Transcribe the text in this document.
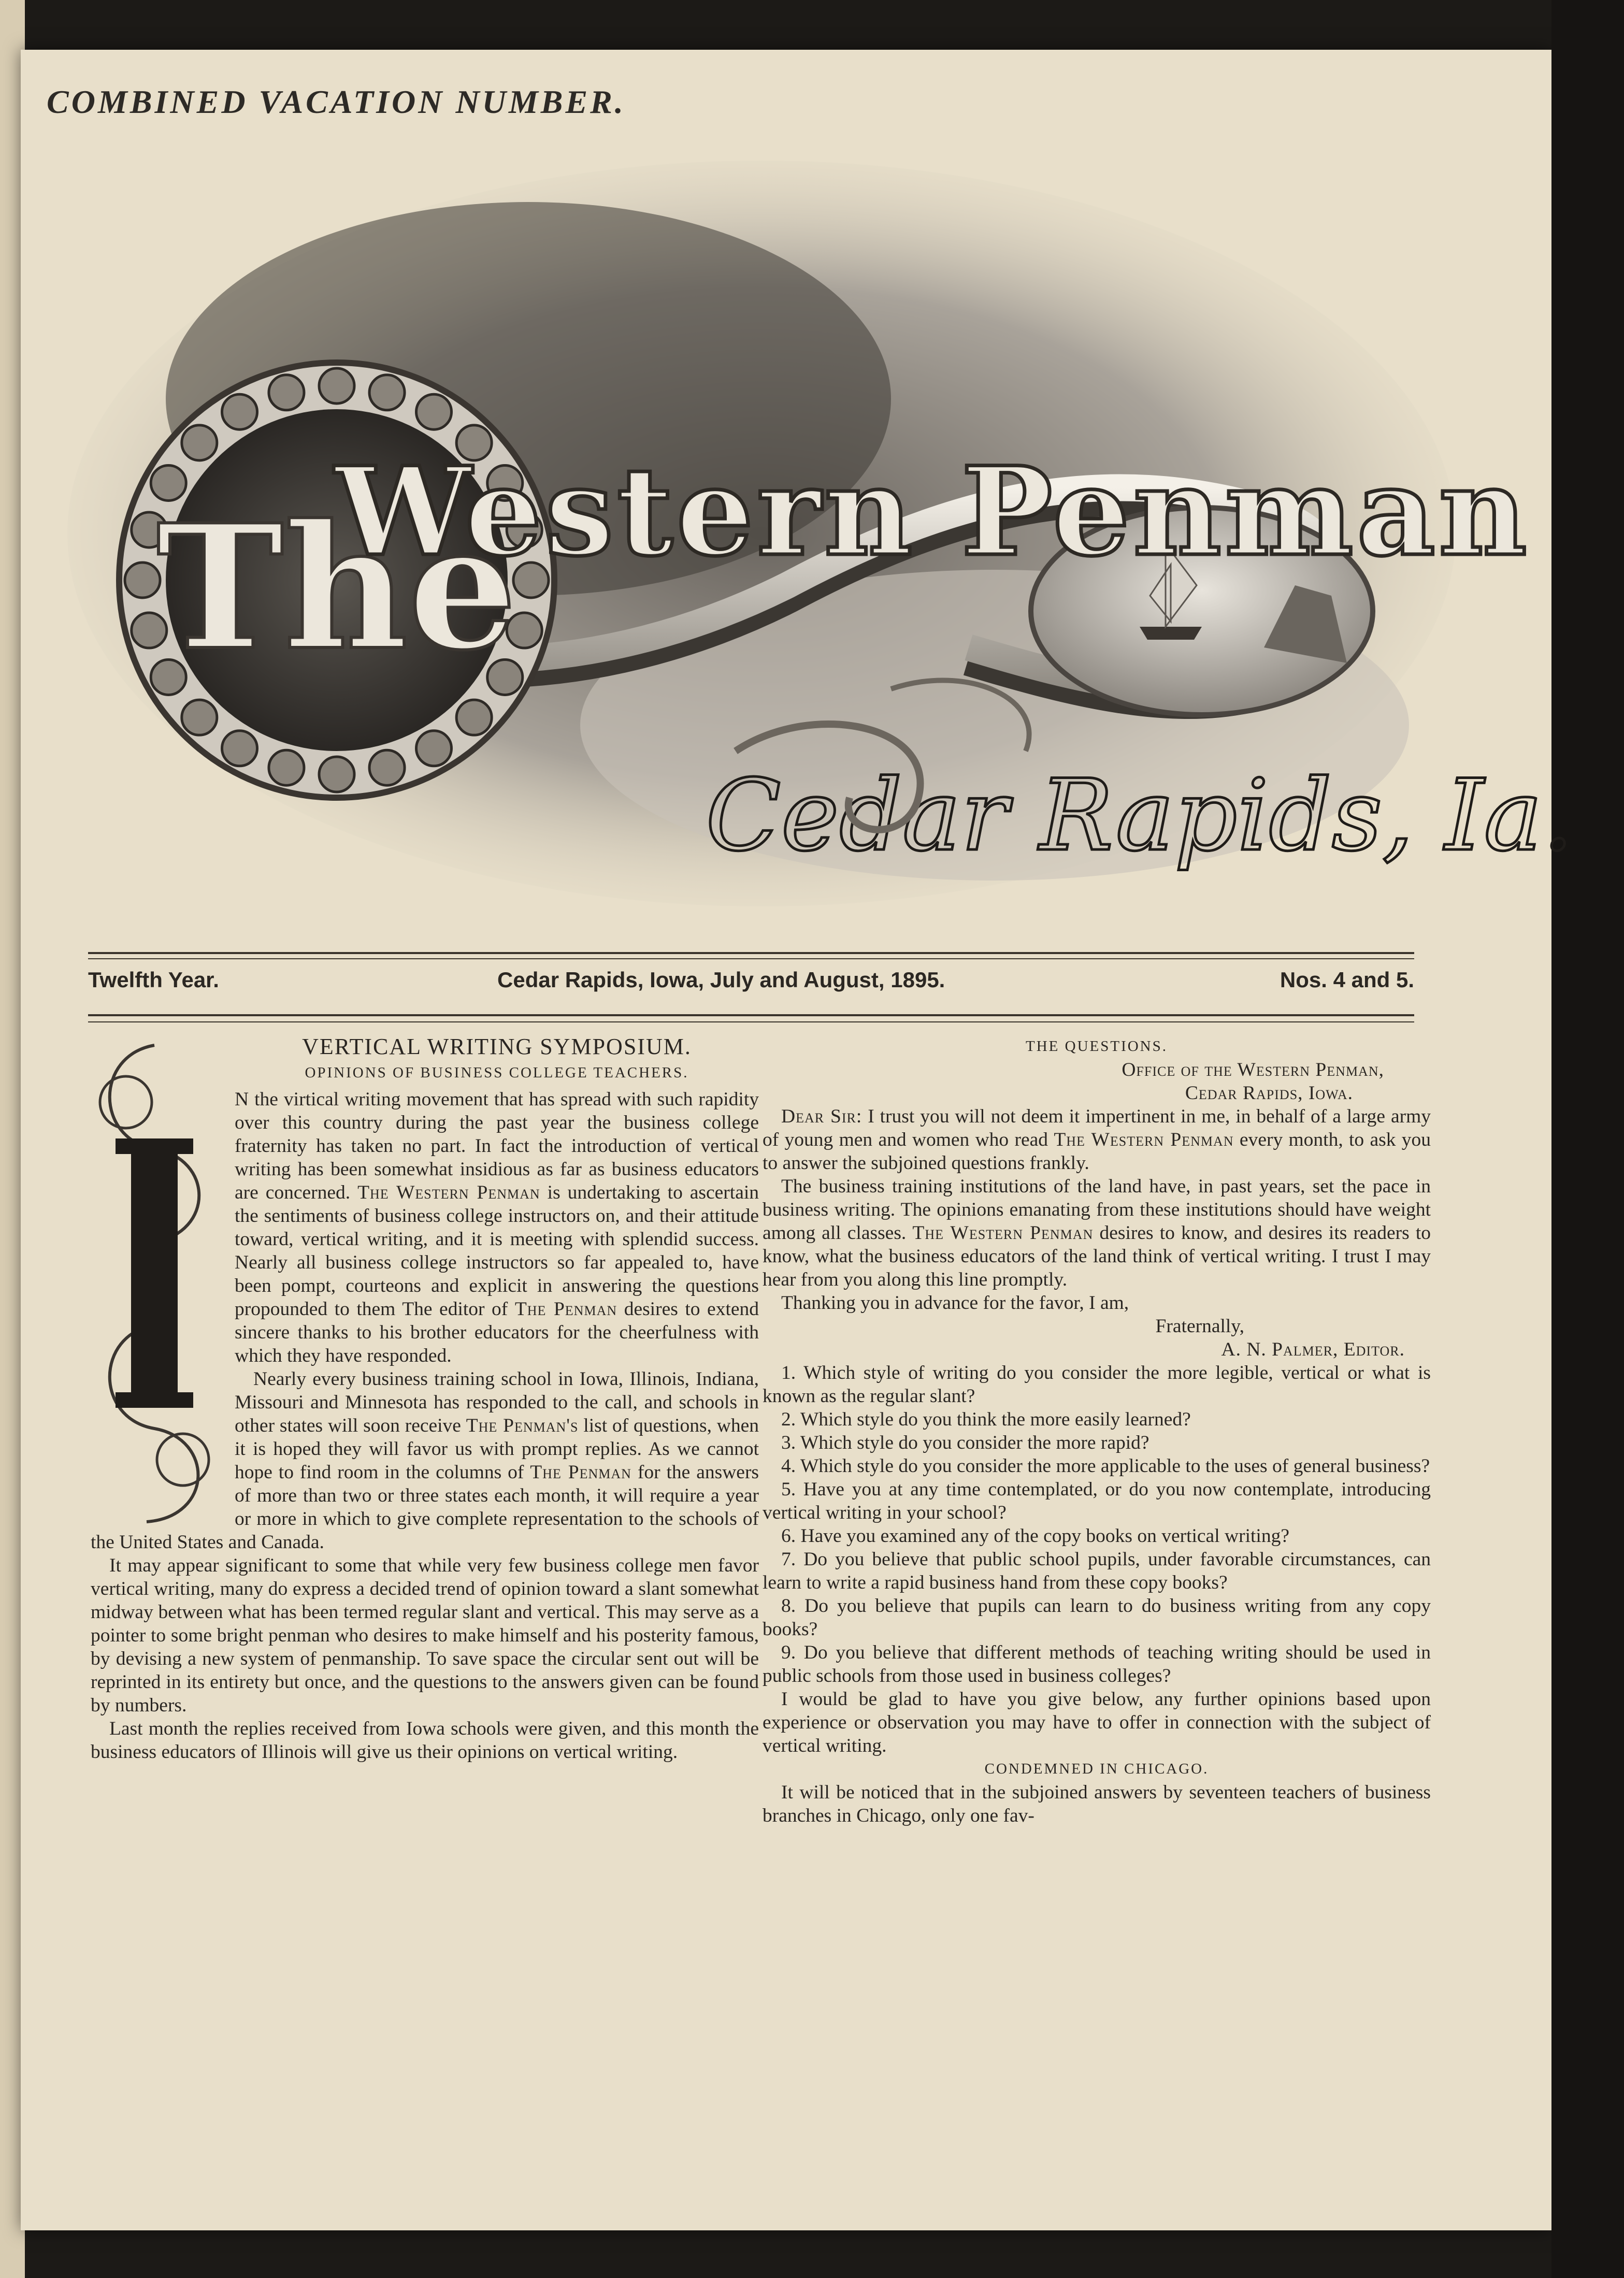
COMBINED VACATION NUMBER.
The
Western Penman
Cedar Rapids, Ia.
Twelfth Year.	Cedar Rapids, Iowa, July and August, 1895.	Nos. 4 and 5.

VERTICAL WRITING SYMPOSIUM.

OPINIONS OF BUSINESS COLLEGE TEACHERS.

N the virtical writing movement that has spread with such rapidity over this country during the past year the business college fraternity has taken no part. In fact the introduction of vertical writing has been somewhat insidious as far as business educators are concerned. The Western Penman is undertaking to ascertain the sentiments of business college instructors on, and their attitude toward, vertical writing, and it is meeting with splendid success. Nearly all business college instructors so far appealed to, have been pompt, courteons and explicit in answering the questions propounded to them The editor of The Penman desires to extend sincere thanks to his brother educators for the cheerfulness with which they have responded.

Nearly every business training school in Iowa, Illinois, Indiana, Missouri and Minnesota has responded to the call, and schools in other states will soon receive The Penman's list of questions, when it is hoped they will favor us with prompt replies. As we cannot hope to find room in the columns of The Penman for the answers of more than two or three states each month, it will require a year or more in which to give complete representation to the schools of the United States and Canada.

It may appear significant to some that while very few business college men favor vertical writing, many do express a decided trend of opinion toward a slant somewhat midway between what has been termed regular slant and vertical. This may serve as a pointer to some bright penman who desires to make himself and his posterity famous, by devising a new system of penmanship. To save space the circular sent out will be reprinted in its entirety but once, and the questions to the answers given can be found by numbers.

Last month the replies received from Iowa schools were given, and this month the business educators of Illinois will give us their opinions on vertical writing.

THE QUESTIONS.

Office of the Western Penman,

Cedar Rapids, Iowa.

Dear Sir: I trust you will not deem it impertinent in me, in behalf of a large army of young men and women who read The Western Penman every month, to ask you to answer the subjoined questions frankly.

The business training institutions of the land have, in past years, set the pace in business writing. The opinions emanating from these institutions should have weight among all classes. The Western Penman desires to know, and desires its readers to know, what the business educators of the land think of vertical writing. I trust I may hear from you along this line promptly.

Thanking you in advance for the favor, I am,

Fraternally,

A. N. Palmer, Editor.

1. Which style of writing do you consider the more legible, vertical or what is known as the regular slant?

2. Which style do you think the more easily learned?

3. Which style do you consider the more rapid?

4. Which style do you consider the more applicable to the uses of general business?

5. Have you at any time contemplated, or do you now contemplate, introducing vertical writing in your school?

6. Have you examined any of the copy books on vertical writing?

7. Do you believe that public school pupils, under favorable circumstances, can learn to write a rapid business hand from these copy books?

8. Do you believe that pupils can learn to do business writing from any copy books?

9. Do you believe that different methods of teaching writing should be used in public schools from those used in business colleges?

I would be glad to have you give below, any further opinions based upon experience or observation you may have to offer in connection with the subject of vertical writing.

CONDEMNED IN CHICAGO.

It will be noticed that in the subjoined answers by seventeen teachers of business branches in Chicago, only one fav-
